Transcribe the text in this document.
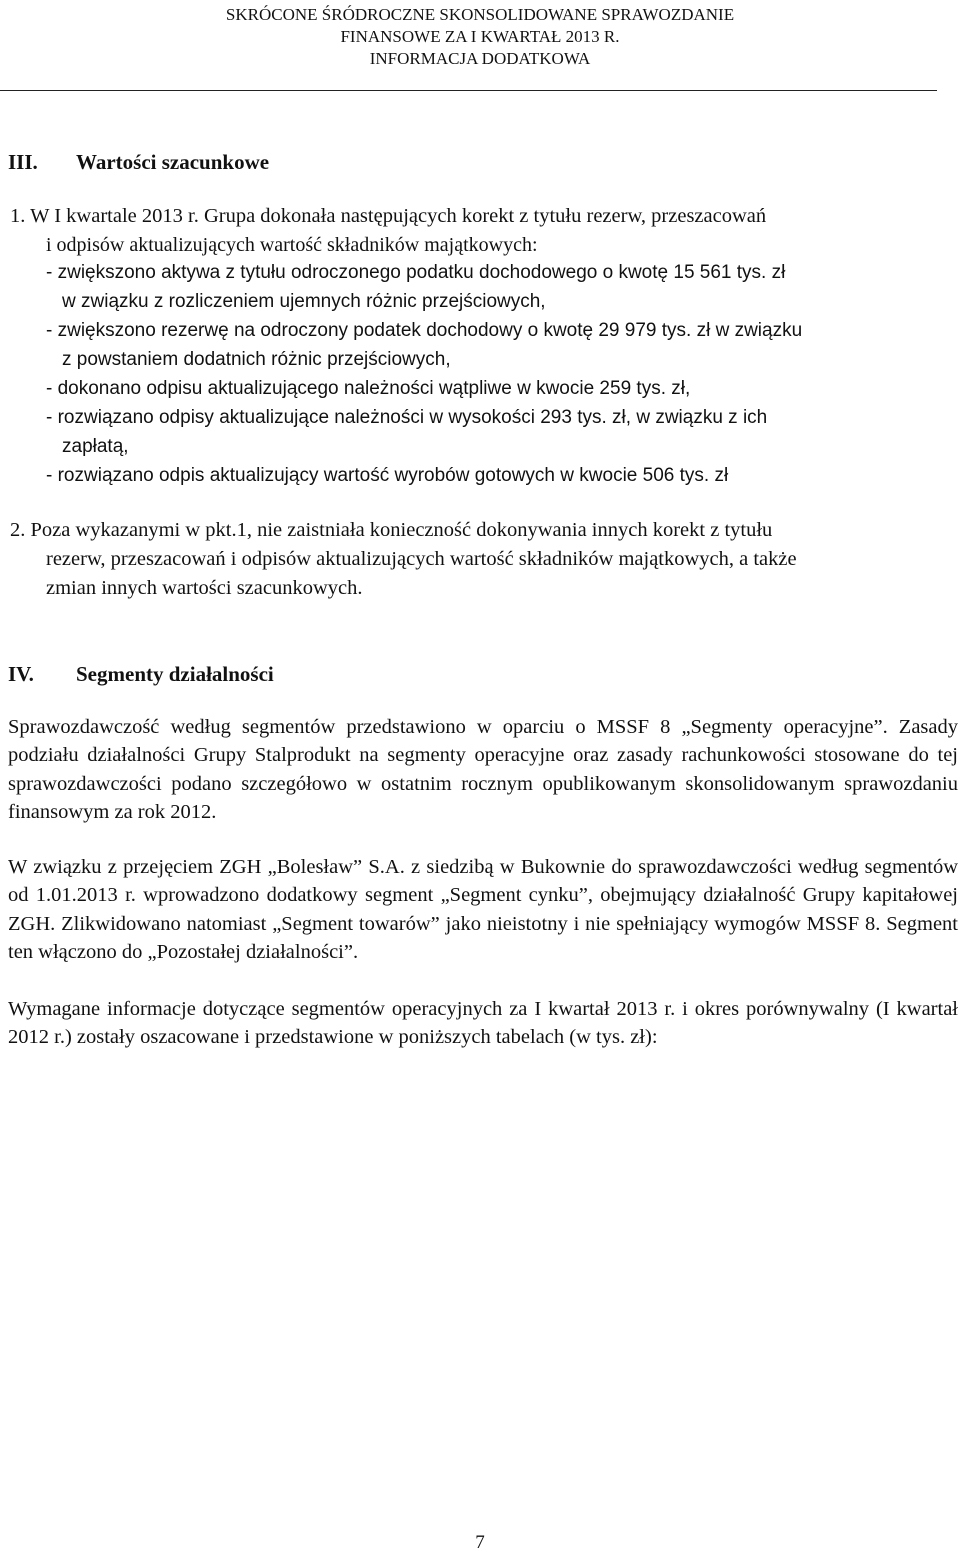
SKRÓCONE ŚRÓDROCZNE SKONSOLIDOWANE SPRAWOZDANIE
FINANSOWE ZA I KWARTAŁ 2013 R.
INFORMACJA DODATKOWA
III. Wartości szacunkowe
1. W I kwartale 2013 r. Grupa dokonała następujących korekt z tytułu rezerw, przeszacowań
i odpisów aktualizujących wartość składników majątkowych:
- zwiększono aktywa z tytułu odroczonego podatku dochodowego o kwotę 15 561 tys. zł
w związku z rozliczeniem ujemnych różnic przejściowych,
- zwiększono rezerwę na odroczony podatek dochodowy o kwotę 29 979 tys. zł w związku
z powstaniem dodatnich różnic przejściowych,
- dokonano odpisu aktualizującego należności wątpliwe w kwocie 259 tys. zł,
- rozwiązano odpisy aktualizujące należności w wysokości 293 tys. zł, w związku z ich
zapłatą,
- rozwiązano odpis aktualizujący wartość wyrobów gotowych w kwocie 506 tys. zł
2. Poza wykazanymi w pkt.1, nie zaistniała konieczność dokonywania innych korekt z tytułu
rezerw, przeszacowań i odpisów aktualizujących wartość składników majątkowych, a także
zmian innych wartości szacunkowych.
IV. Segmenty działalności
Sprawozdawczość według segmentów przedstawiono w oparciu o MSSF 8 „Segmenty operacyjne”. Zasady podziału działalności Grupy Stalprodukt na segmenty operacyjne oraz zasady rachunkowości stosowane do tej sprawozdawczości podano szczegółowo w ostatnim rocznym opublikowanym skonsolidowanym sprawozdaniu finansowym za rok 2012.
W związku z przejęciem ZGH „Bolesław” S.A. z siedzibą w Bukownie do sprawozdawczości według segmentów od 1.01.2013 r. wprowadzono dodatkowy segment „Segment cynku”, obejmujący działalność Grupy kapitałowej ZGH. Zlikwidowano natomiast „Segment towarów” jako nieistotny i nie spełniający wymogów MSSF 8. Segment ten włączono do „Pozostałej działalności”.
Wymagane informacje dotyczące segmentów operacyjnych za I kwartał 2013 r. i okres porównywalny (I kwartał 2012 r.) zostały oszacowane i przedstawione w poniższych tabelach (w tys. zł):
7
